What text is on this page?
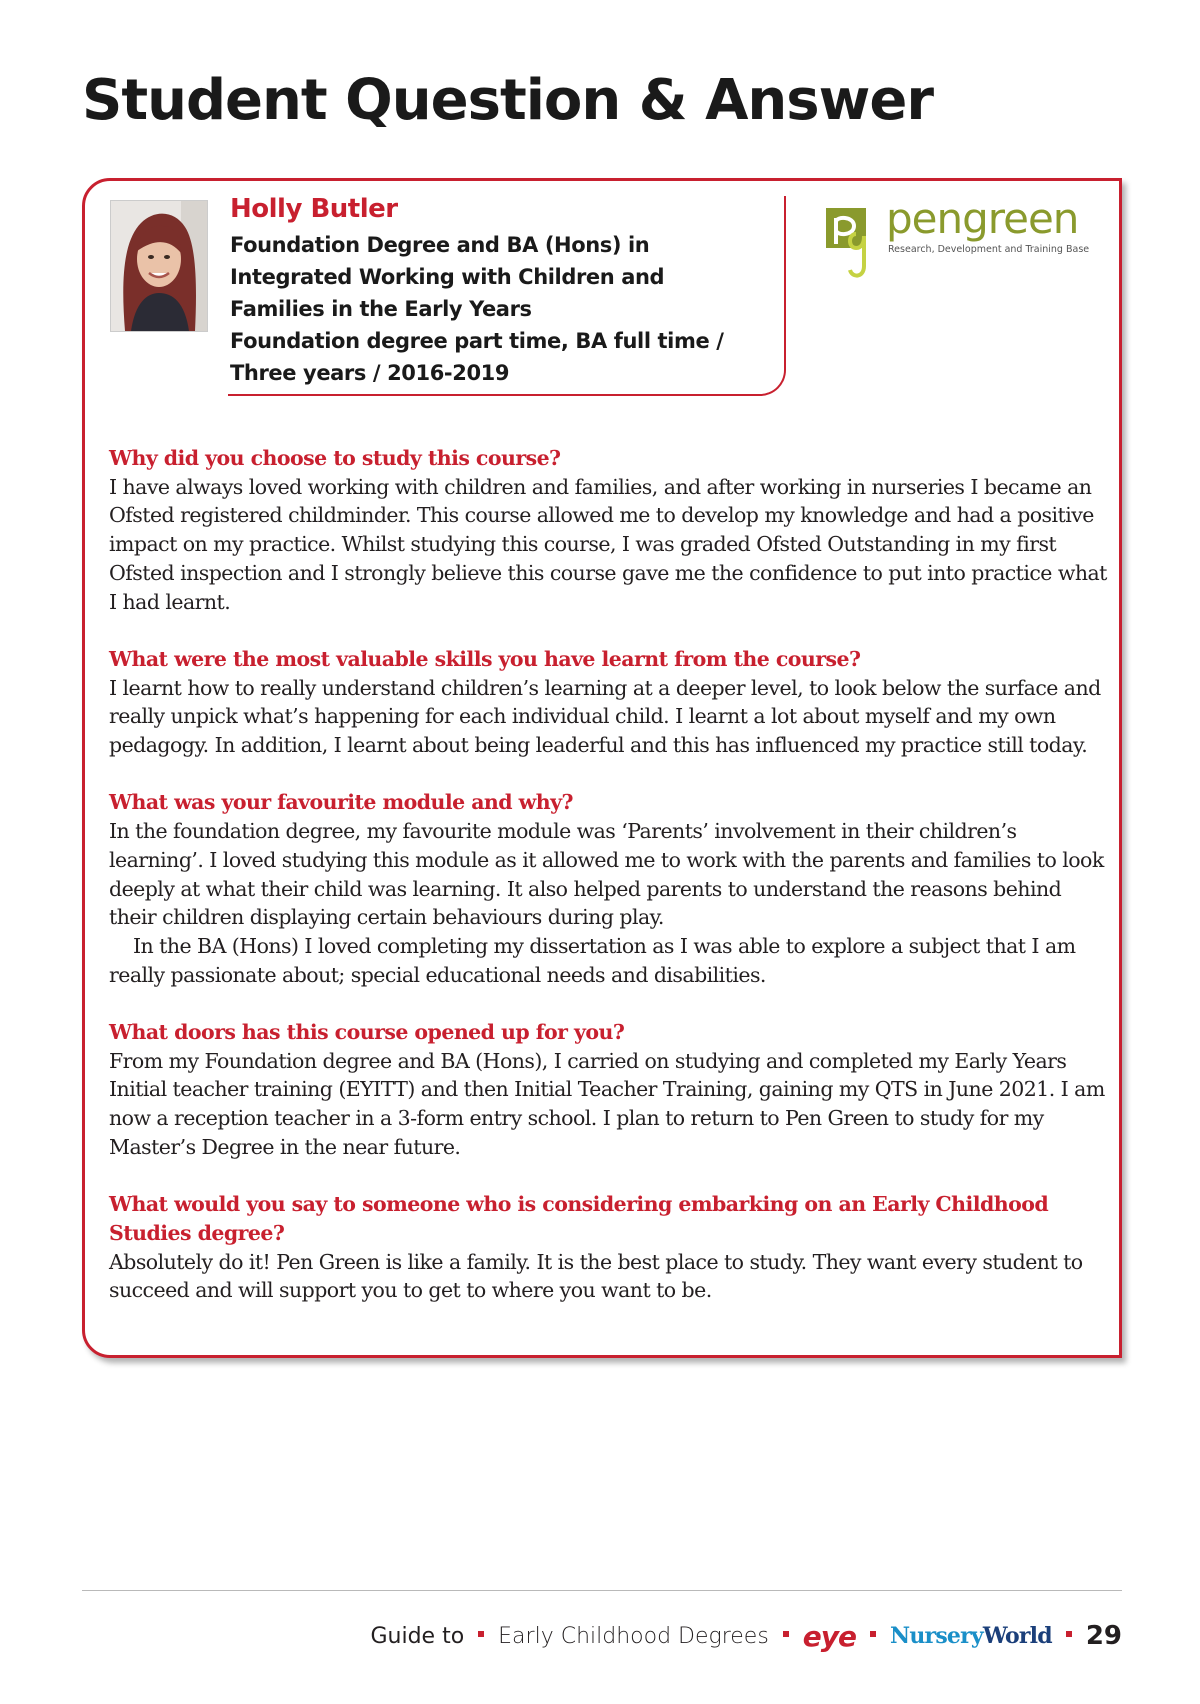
Student Question & Answer
Holly Butler
Foundation Degree and BA (Hons) in
Integrated Working with Children and
Families in the Early Years
Foundation degree part time, BA full time /
Three years / 2016-2019
pengreen
Research, Development and Training Base

Why did you choose to study this course?

I have always loved working with children and families, and after working in nurseries I became an Ofsted registered childminder. This course allowed me to develop my knowledge and had a positive impact on my practice. Whilst studying this course, I was graded Ofsted Outstanding in my first Ofsted inspection and I strongly believe this course gave me the confidence to put into practice what I had learnt.

What were the most valuable skills you have learnt from the course?

I learnt how to really understand children’s learning at a deeper level, to look below the surface and really unpick what’s happening for each individual child. I learnt a lot about myself and my own pedagogy. In addition, I learnt about being leaderful and this has influenced my practice still today.

What was your favourite module and why?

In the foundation degree, my favourite module was ‘Parents’ involvement in their children’s learning’. I loved studying this module as it allowed me to work with the parents and families to look deeply at what their child was learning. It also helped parents to understand the reasons behind their children displaying certain behaviours during play.

In the BA (Hons) I loved completing my dissertation as I was able to explore a subject that I am really passionate about; special educational needs and disabilities.

What doors has this course opened up for you?

From my Foundation degree and BA (Hons), I carried on studying and completed my Early Years Initial teacher training (EYITT) and then Initial Teacher Training, gaining my QTS in June 2021. I am now a reception teacher in a 3-form entry school. I plan to return to Pen Green to study for my Master’s Degree in the near future.

What would you say to someone who is considering embarking on an Early Childhood Studies degree?

Absolutely do it! Pen Green is like a family. It is the best place to study. They want every student to succeed and will support you to get to where you want to be.

Guide to Early Childhood Degrees eye NurseryWorld 29
